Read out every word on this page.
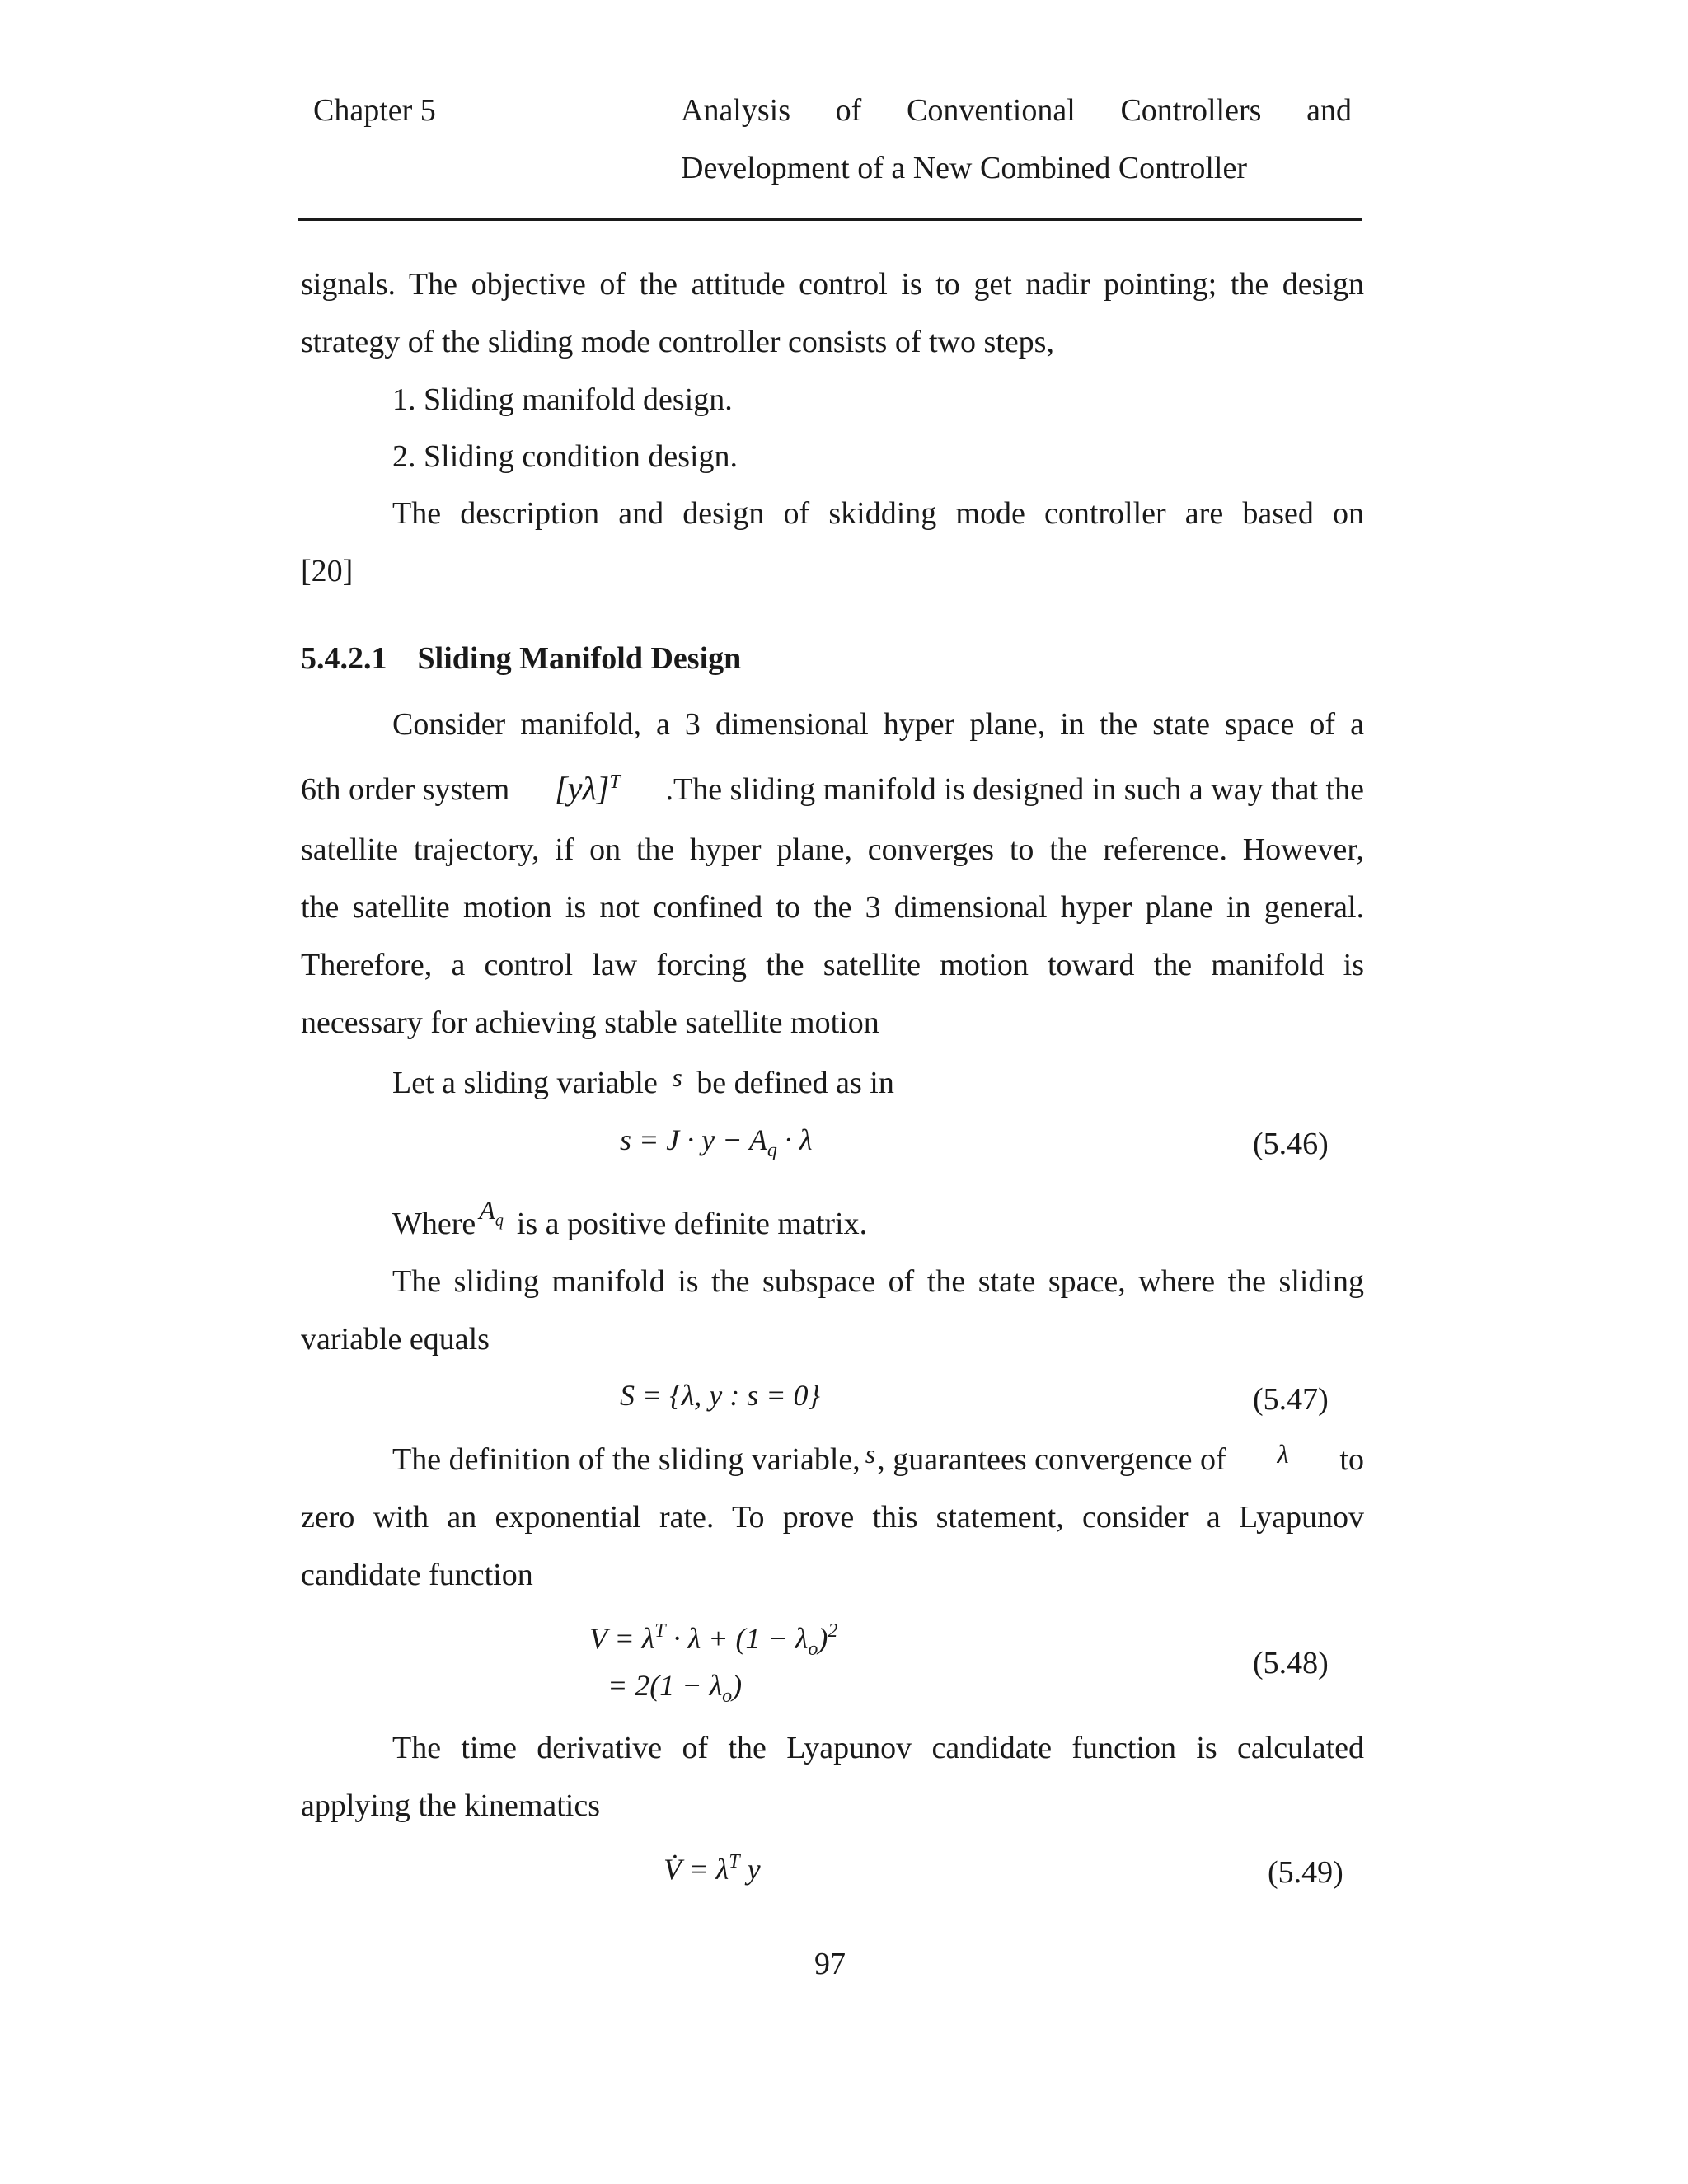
Chapter 5	Analysis of Conventional Controllers and
Development of a New Combined Controller
signals. The objective of the attitude control is to get nadir pointing; the design
strategy of the sliding mode controller consists of two steps,
1. Sliding manifold design.
2. Sliding condition design.
The description and design of skidding mode controller are based on
[20]
5.4.2.1 Sliding Manifold Design
Consider manifold, a 3 dimensional hyper plane, in the state space of a
6th order system $[y\lambda]^T$ .The sliding manifold is designed in such a way that the
satellite trajectory, if on the hyper plane, converges to the reference. However,
the satellite motion is not confined to the 3 dimensional hyper plane in general.
Therefore, a control law forcing the satellite motion toward the manifold is
necessary for achieving stable satellite motion
Let a sliding variable $^s$ be defined as in
$s = J \cdot y - A_q \cdot \lambda$	(5.46)
Where $^{Aq}$ is a positive definite matrix.
The sliding manifold is the subspace of the state space, where the sliding
variable equals
S = {λ, y : s = 0}	(5.47)
The definition of the sliding variable, $^s$, guarantees convergence of λ to
zero with an exponential rate. To prove this statement, consider a Lyapunov
candidate function
$V = \lambda^T \cdot \lambda + (1 - \lambda_o)^2$
= $2(1 - \lambda_o)$
(5.48)
The time derivative of the Lyapunov candidate function is calculated
applying the kinematics
V̇ = $\lambda^T$ y	(5.49)
97
